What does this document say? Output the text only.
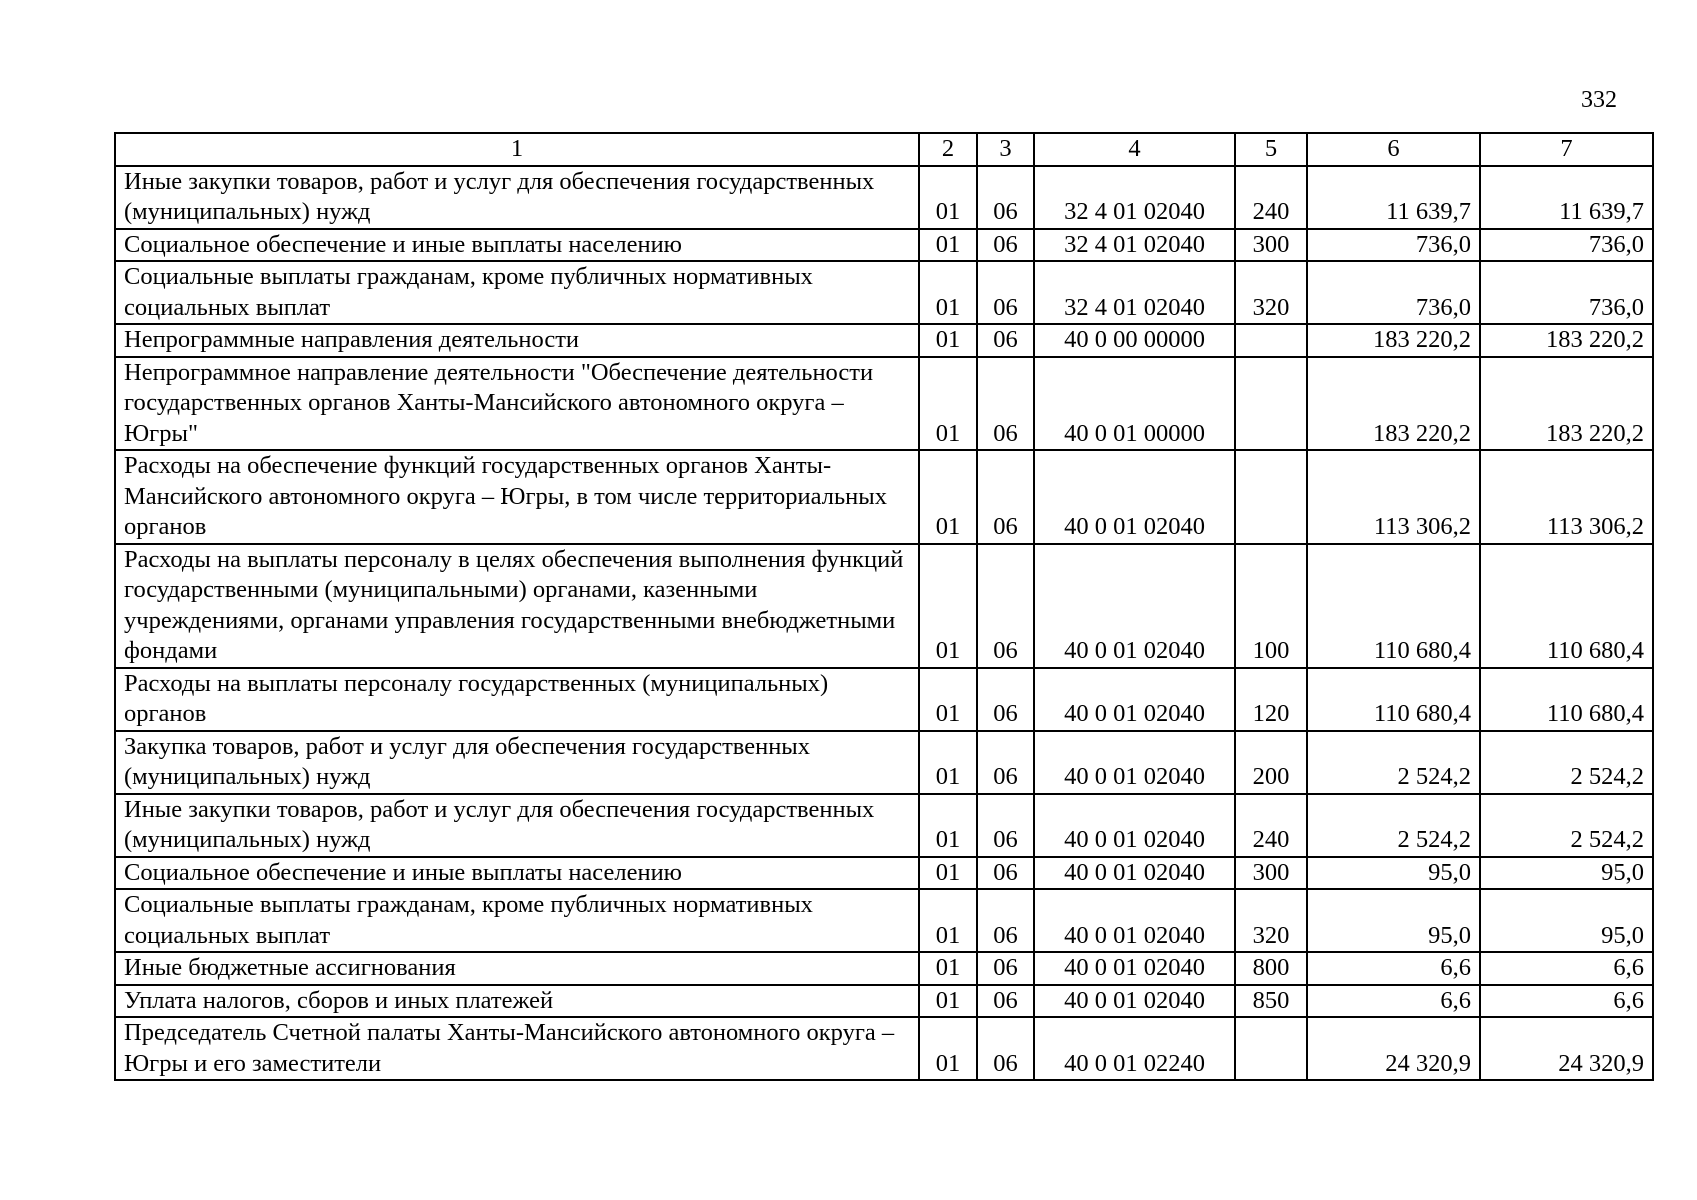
332
1	2	3	4	5	6	7
Иные закупки товаров, работ и услуг для обеспечения государственных (муниципальных) нужд	01	06	32 4 01 02040	240	11 639,7	11 639,7
Социальное обеспечение и иные выплаты населению	01	06	32 4 01 02040	300	736,0	736,0
Социальные выплаты гражданам, кроме публичных нормативных социальных выплат	01	06	32 4 01 02040	320	736,0	736,0
Непрограммные направления деятельности	01	06	40 0 00 00000		183 220,2	183 220,2
Непрограммное направление деятельности "Обеспечение деятельности государственных органов Ханты-Мансийского автономного округа – Югры"	01	06	40 0 01 00000		183 220,2	183 220,2
Расходы на обеспечение функций государственных органов Ханты-Мансийского автономного округа – Югры, в том числе территориальных органов	01	06	40 0 01 02040		113 306,2	113 306,2
Расходы на выплаты персоналу в целях обеспечения выполнения функций государственными (муниципальными) органами, казенными учреждениями, органами управления государственными внебюджетными фондами	01	06	40 0 01 02040	100	110 680,4	110 680,4
Расходы на выплаты персоналу государственных (муниципальных) органов	01	06	40 0 01 02040	120	110 680,4	110 680,4
Закупка товаров, работ и услуг для обеспечения государственных (муниципальных) нужд	01	06	40 0 01 02040	200	2 524,2	2 524,2
Иные закупки товаров, работ и услуг для обеспечения государственных (муниципальных) нужд	01	06	40 0 01 02040	240	2 524,2	2 524,2
Социальное обеспечение и иные выплаты населению	01	06	40 0 01 02040	300	95,0	95,0
Социальные выплаты гражданам, кроме публичных нормативных социальных выплат	01	06	40 0 01 02040	320	95,0	95,0
Иные бюджетные ассигнования	01	06	40 0 01 02040	800	6,6	6,6
Уплата налогов, сборов и иных платежей	01	06	40 0 01 02040	850	6,6	6,6
Председатель Счетной палаты Ханты-Мансийского автономного округа – Югры и его заместители	01	06	40 0 01 02240		24 320,9	24 320,9
